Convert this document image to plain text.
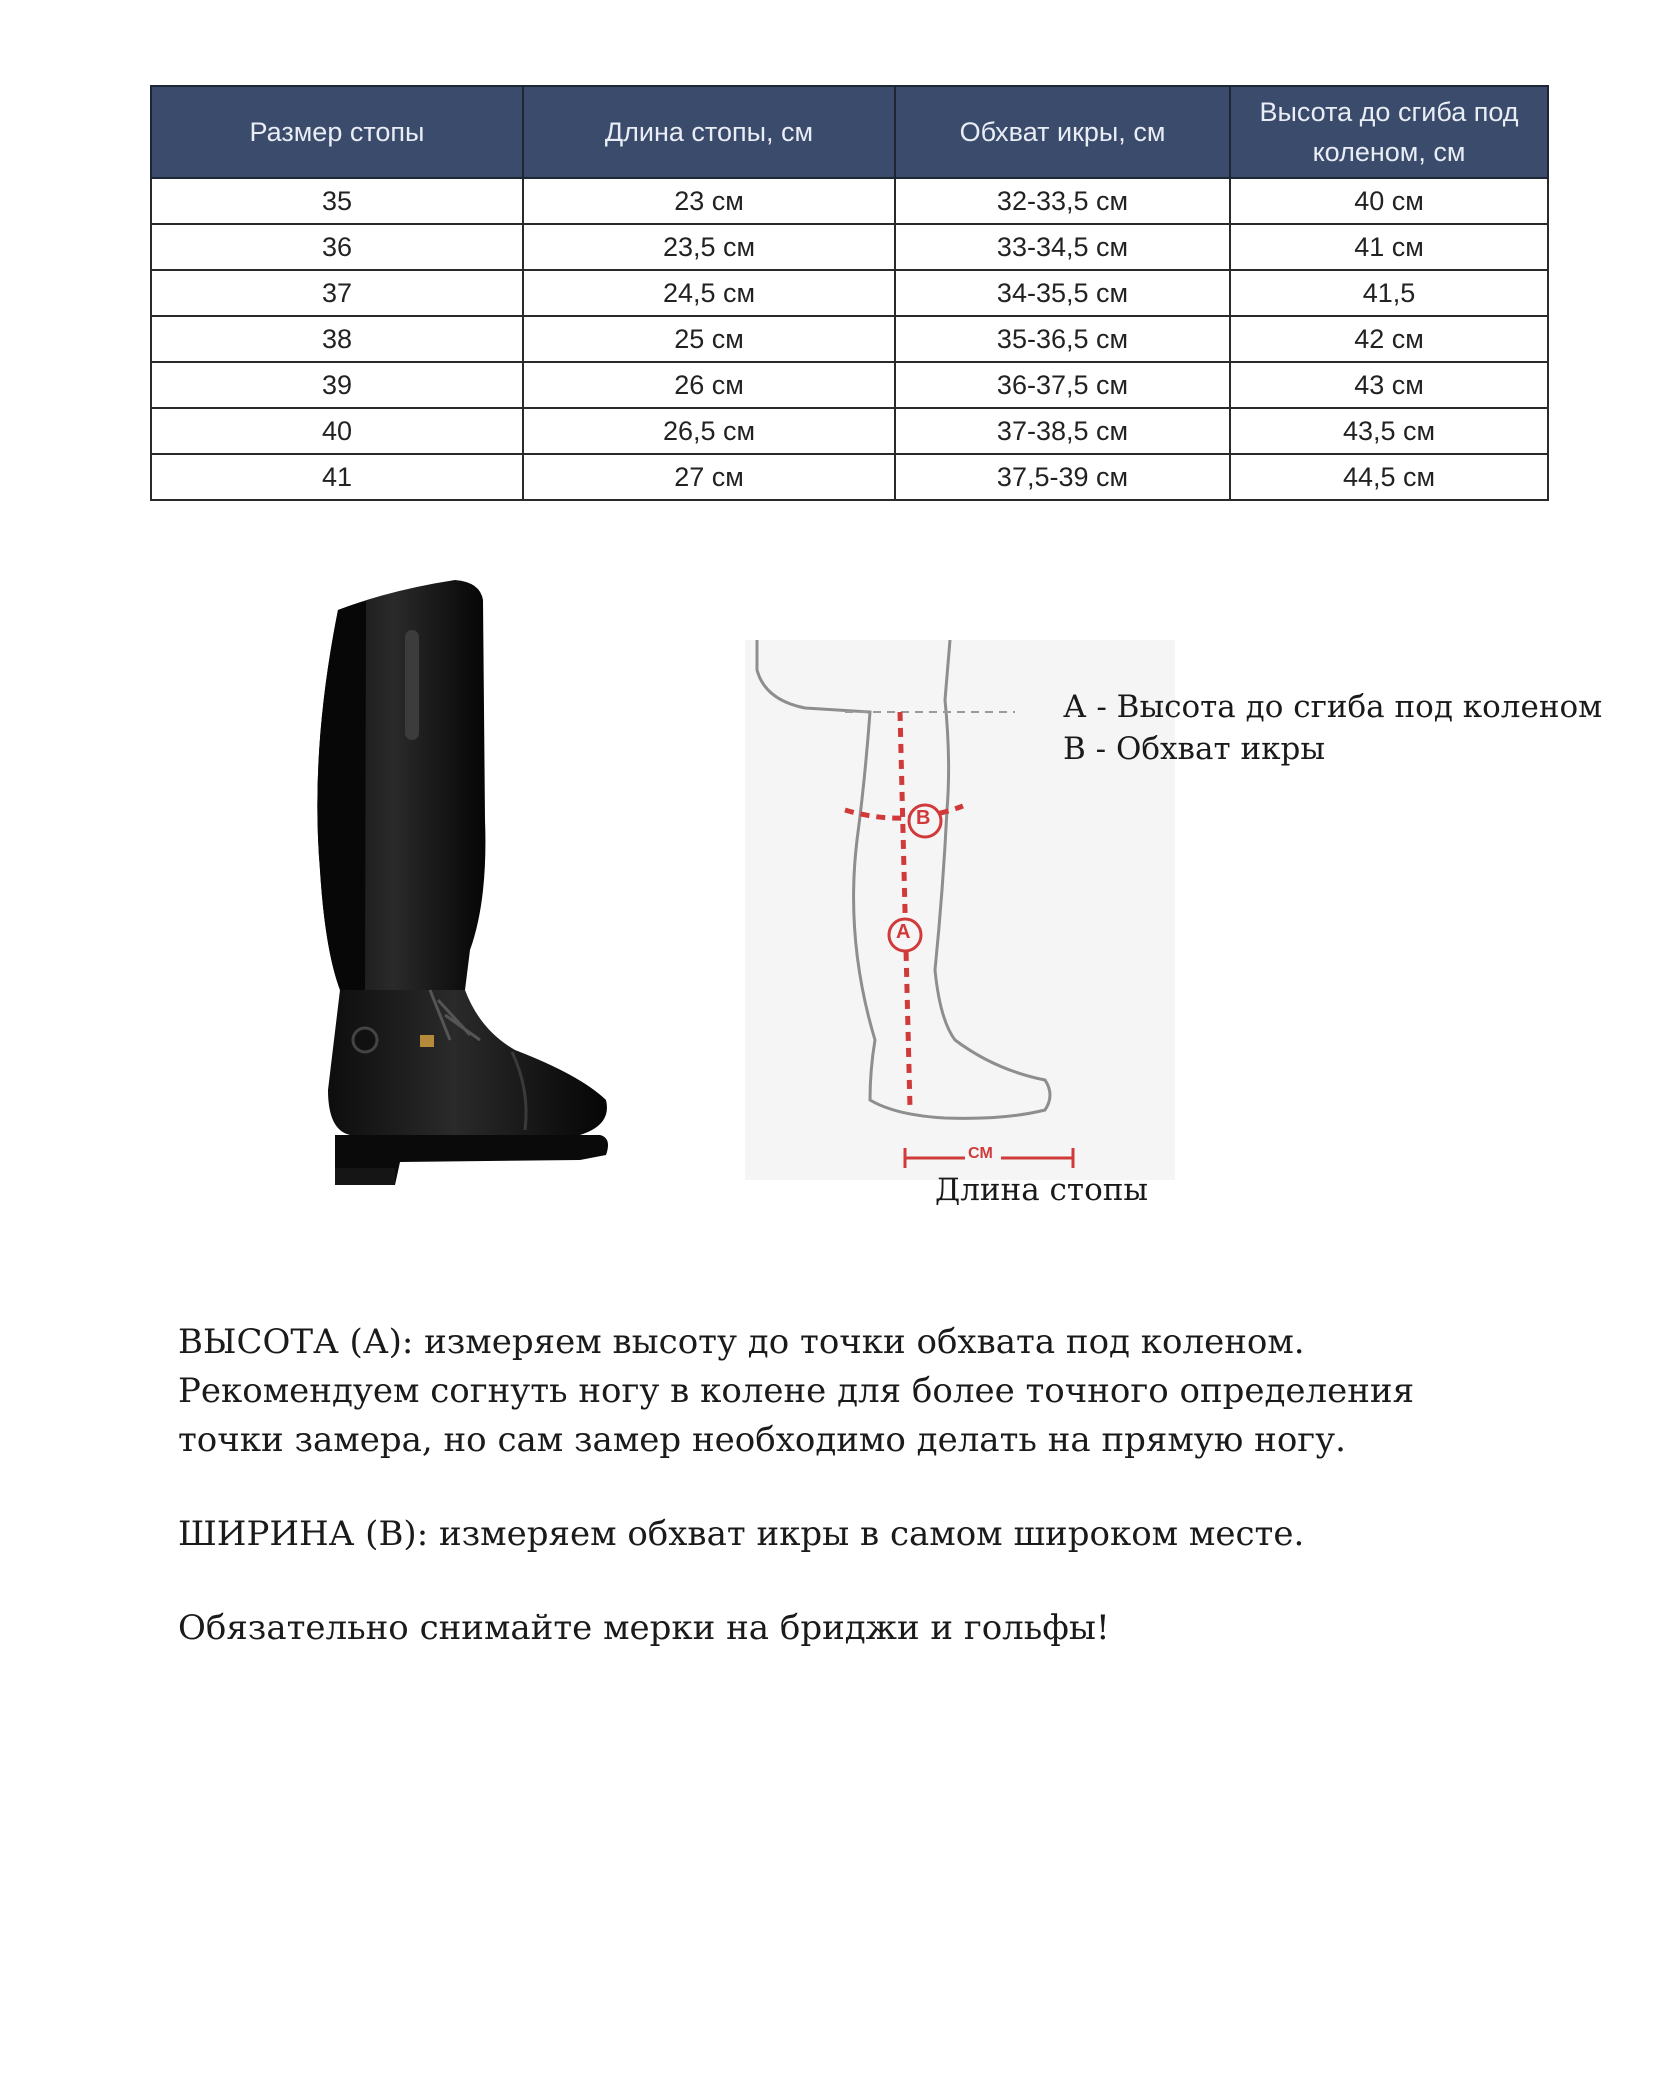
Размер стопы	Длина стопы, см	Обхват икры, см	Высота до сгиба под коленом, см
35	23 см	32-33,5 см	40 см
36	23,5 см	33-34,5 см	41 см
37	24,5 см	34-35,5 см	41,5
38	25 см	35-36,5 см	42 см
39	26 см	36-37,5 см	43 см
40	26,5 см	37-38,5 см	43,5 см
41	27 см	37,5-39 см	44,5 см
B
A
CM
А - Высота до сгиба под коленом
В - Обхват икры
Длина стопы

ВЫСОТА (А): измеряем высоту до точки обхвата под коленом.
Рекомендуем согнуть ногу в колене для более точного определения
точки замера, но сам замер необходимо делать на прямую ногу.

ШИРИНА (В): измеряем обхват икры в самом широком месте.

Обязательно снимайте мерки на бриджи и гольфы!
